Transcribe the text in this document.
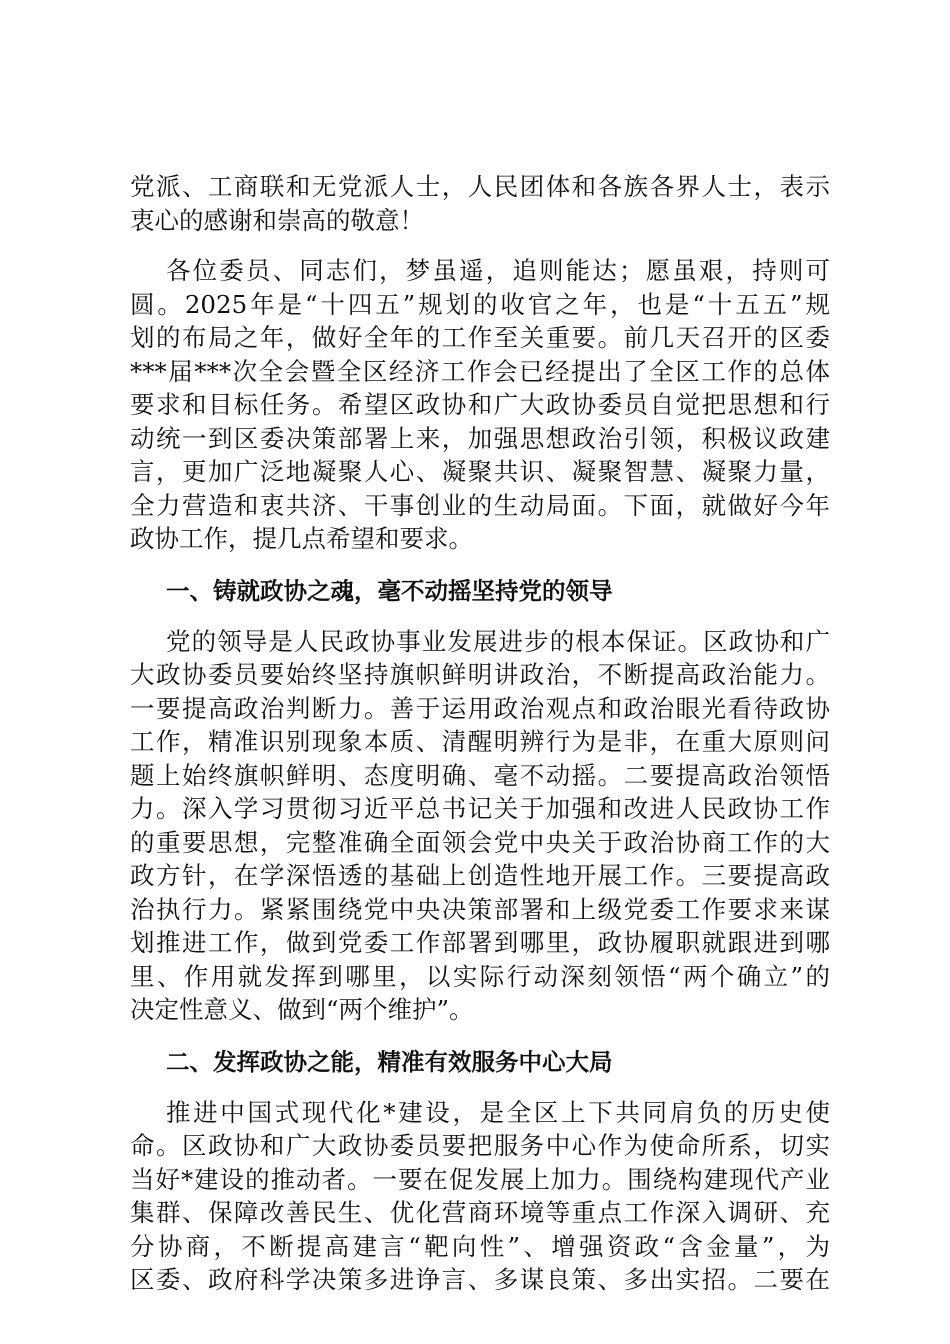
党派、工商联和无党派人士，人民团体和各族各界人士，表示

衷心的感谢和崇高的敬意！

各位委员、同志们，梦虽遥，追则能达；愿虽艰，持则可

圆。2025年是“十四五”规划的收官之年，也是“十五五”规

划的布局之年，做好全年的工作至关重要。前几天召开的区委

***届***次全会暨全区经济工作会已经提出了全区工作的总体

要求和目标任务。希望区政协和广大政协委员自觉把思想和行

动统一到区委决策部署上来，加强思想政治引领，积极议政建

言，更加广泛地凝聚人心、凝聚共识、凝聚智慧、凝聚力量，

全力营造和衷共济、干事创业的生动局面。下面，就做好今年

政协工作，提几点希望和要求。

一、铸就政协之魂，毫不动摇坚持党的领导

党的领导是人民政协事业发展进步的根本保证。区政协和广

大政协委员要始终坚持旗帜鲜明讲政治，不断提高政治能力。

一要提高政治判断力。善于运用政治观点和政治眼光看待政协

工作，精准识别现象本质、清醒明辨行为是非，在重大原则问

题上始终旗帜鲜明、态度明确、毫不动摇。二要提高政治领悟

力。深入学习贯彻习近平总书记关于加强和改进人民政协工作

的重要思想，完整准确全面领会党中央关于政治协商工作的大

政方针，在学深悟透的基础上创造性地开展工作。三要提高政

治执行力。紧紧围绕党中央决策部署和上级党委工作要求来谋

划推进工作，做到党委工作部署到哪里，政协履职就跟进到哪

里、作用就发挥到哪里，以实际行动深刻领悟“两个确立”的

决定性意义、做到“两个维护”。

二、发挥政协之能，精准有效服务中心大局

推进中国式现代化*建设，是全区上下共同肩负的历史使

命。区政协和广大政协委员要把服务中心作为使命所系，切实

当好*建设的推动者。一要在促发展上加力。围绕构建现代产业

集群、保障改善民生、优化营商环境等重点工作深入调研、充

分协商，不断提高建言“靶向性”、增强资政“含金量”，为

区委、政府科学决策多进诤言、多谋良策、多出实招。二要在
